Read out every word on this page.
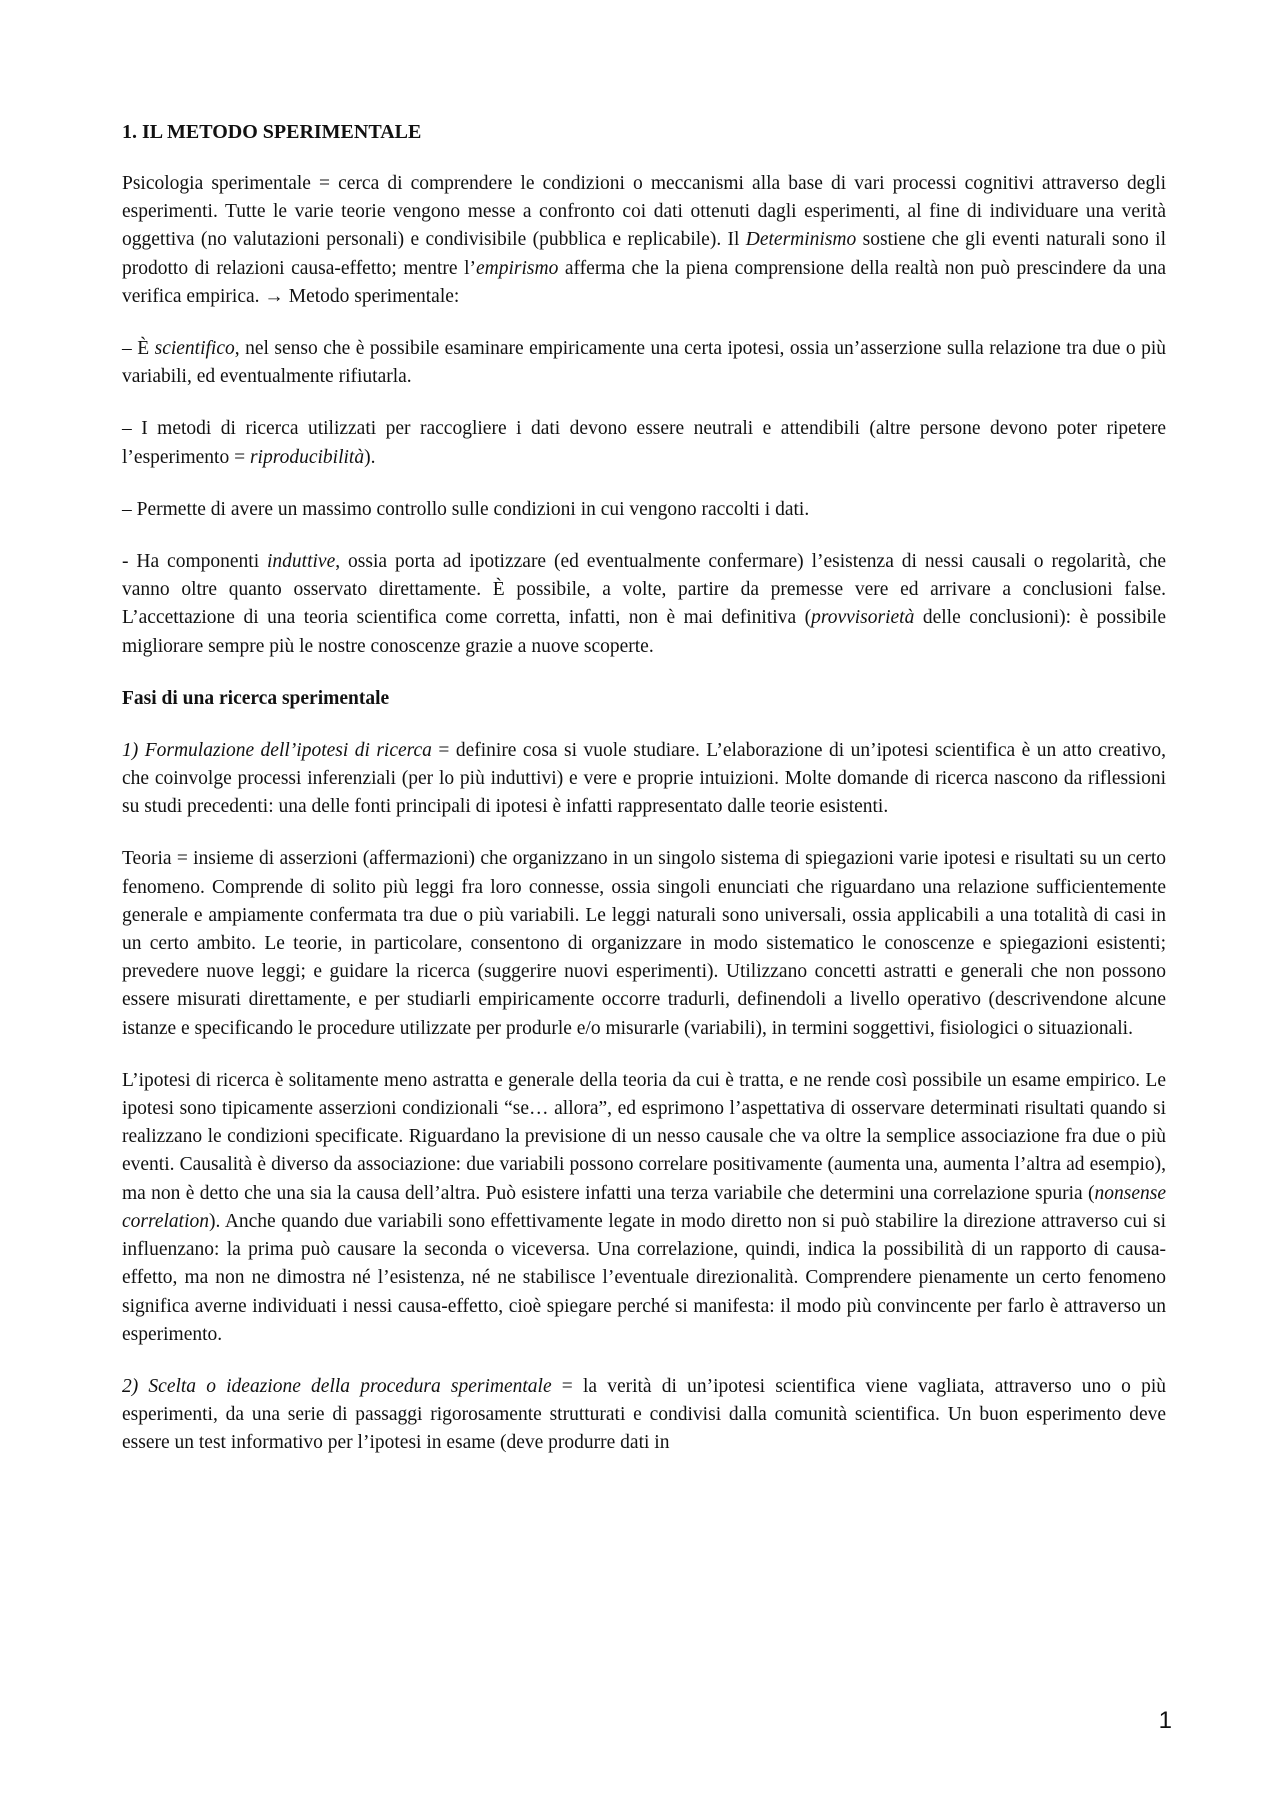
1. IL METODO SPERIMENTALE

Psicologia sperimentale = cerca di comprendere le condizioni o meccanismi alla base di vari processi cognitivi attraverso degli esperimenti. Tutte le varie teorie vengono messe a confronto coi dati ottenuti dagli esperimenti, al fine di individuare una verità oggettiva (no valutazioni personali) e condivisibile (pubblica e replicabile). Il Determinismo sostiene che gli eventi naturali sono il prodotto di relazioni causa-effetto; mentre l’empirismo afferma che la piena comprensione della realtà non può prescindere da una verifica empirica. → Metodo sperimentale:

– È scientifico, nel senso che è possibile esaminare empiricamente una certa ipotesi, ossia un’asserzione sulla relazione tra due o più variabili, ed eventualmente rifiutarla.

– I metodi di ricerca utilizzati per raccogliere i dati devono essere neutrali e attendibili (altre persone devono poter ripetere l’esperimento = riproducibilità).

– Permette di avere un massimo controllo sulle condizioni in cui vengono raccolti i dati.

- Ha componenti induttive, ossia porta ad ipotizzare (ed eventualmente confermare) l’esistenza di nessi causali o regolarità, che vanno oltre quanto osservato direttamente. È possibile, a volte, partire da premesse vere ed arrivare a conclusioni false. L’accettazione di una teoria scientifica come corretta, infatti, non è mai definitiva (provvisorietà delle conclusioni): è possibile migliorare sempre più le nostre conoscenze grazie a nuove scoperte.

Fasi di una ricerca sperimentale

1) Formulazione dell’ipotesi di ricerca = definire cosa si vuole studiare. L’elaborazione di un’ipotesi scientifica è un atto creativo, che coinvolge processi inferenziali (per lo più induttivi) e vere e proprie intuizioni. Molte domande di ricerca nascono da riflessioni su studi precedenti: una delle fonti principali di ipotesi è infatti rappresentato dalle teorie esistenti.

Teoria = insieme di asserzioni (affermazioni) che organizzano in un singolo sistema di spiegazioni varie ipotesi e risultati su un certo fenomeno. Comprende di solito più leggi fra loro connesse, ossia singoli enunciati che riguardano una relazione sufficientemente generale e ampiamente confermata tra due o più variabili. Le leggi naturali sono universali, ossia applicabili a una totalità di casi in un certo ambito. Le teorie, in particolare, consentono di organizzare in modo sistematico le conoscenze e spiegazioni esistenti; prevedere nuove leggi; e guidare la ricerca (suggerire nuovi esperimenti). Utilizzano concetti astratti e generali che non possono essere misurati direttamente, e per studiarli empiricamente occorre tradurli, definendoli a livello operativo (descrivendone alcune istanze e specificando le procedure utilizzate per produrle e/o misurarle (variabili), in termini soggettivi, fisiologici o situazionali.

L’ipotesi di ricerca è solitamente meno astratta e generale della teoria da cui è tratta, e ne rende così possibile un esame empirico. Le ipotesi sono tipicamente asserzioni condizionali “se… allora”, ed esprimono l’aspettativa di osservare determinati risultati quando si realizzano le condizioni specificate. Riguardano la previsione di un nesso causale che va oltre la semplice associazione fra due o più eventi. Causalità è diverso da associazione: due variabili possono correlare positivamente (aumenta una, aumenta l’altra ad esempio), ma non è detto che una sia la causa dell’altra. Può esistere infatti una terza variabile che determini una correlazione spuria (nonsense correlation). Anche quando due variabili sono effettivamente legate in modo diretto non si può stabilire la direzione attraverso cui si influenzano: la prima può causare la seconda o viceversa. Una correlazione, quindi, indica la possibilità di un rapporto di causa-effetto, ma non ne dimostra né l’esistenza, né ne stabilisce l’eventuale direzionalità. Comprendere pienamente un certo fenomeno significa averne individuati i nessi causa-effetto, cioè spiegare perché si manifesta: il modo più convincente per farlo è attraverso un esperimento.

2) Scelta o ideazione della procedura sperimentale = la verità di un’ipotesi scientifica viene vagliata, attraverso uno o più esperimenti, da una serie di passaggi rigorosamente strutturati e condivisi dalla comunità scientifica. Un buon esperimento deve essere un test informativo per l’ipotesi in esame (deve produrre dati in

1
